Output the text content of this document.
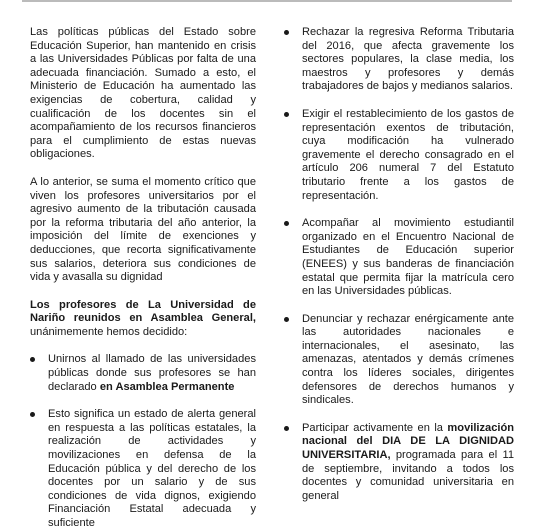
Las políticas públicas del Estado sobre Educación Superior, han mantenido en crisis a las Universidades Públicas por falta de una adecuada financiación. Sumado a esto, el Ministerio de Educación ha aumentado las exigencias de cobertura, calidad y cualificación de los docentes sin el acompañamiento de los recursos financieros para el cumplimiento de estas nuevas obligaciones.

A lo anterior, se suma el momento crítico que viven los profesores universitarios por el agresivo aumento de la tributación causada por la reforma tributaria del año anterior, la imposición del límite de exenciones y deducciones, que recorta significativamente sus salarios, deteriora sus condiciones de vida y avasalla su dignidad

Los profesores de La Universidad de Nariño reunidos en Asamblea General, unánimemente hemos decidido:

Unirnos al llamado de las universidades públicas donde sus profesores se han declarado en Asamblea Permanente

Esto significa un estado de alerta general en respuesta a las políticas estatales, la realización de actividades y movilizaciones en defensa de la Educación pública y del derecho de los docentes por un salario y de sus condiciones de vida dignos, exigiendo Financiación Estatal adecuada y suficiente

Rechazar la regresiva Reforma Tributaria del 2016, que afecta gravemente los sectores populares, la clase media, los maestros y profesores y demás trabajadores de bajos y medianos salarios.

Exigir el restablecimiento de los gastos de representación exentos de tributación, cuya modificación ha vulnerado gravemente el derecho consagrado en el artículo 206 numeral 7 del Estatuto tributario frente a los gastos de representación.

Acompañar al movimiento estudiantil organizado en el Encuentro Nacional de Estudiantes de Educación superior (ENEES) y sus banderas de financiación estatal que permita fijar la matrícula cero en las Universidades públicas.

Denunciar y rechazar enérgicamente ante las autoridades nacionales e internacionales, el asesinato, las amenazas, atentados y demás crímenes contra los líderes sociales, dirigentes defensores de derechos humanos y sindicales.

Participar activamente en la movilización nacional del DIA DE LA DIGNIDAD UNIVERSITARIA, programada para el 11 de septiembre, invitando a todos los docentes y comunidad universitaria en general
